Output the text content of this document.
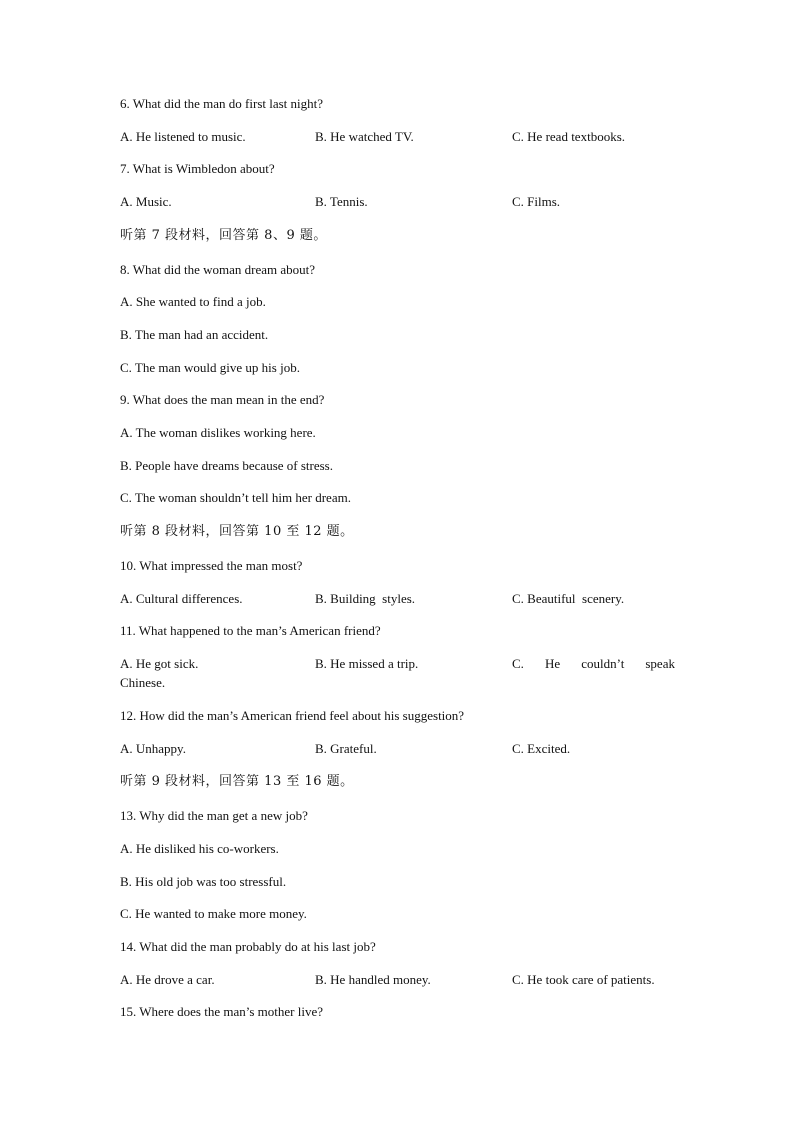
6. What did the man do first last night?
A. He listened to music.	B. He watched TV.	C. He read textbooks.
7. What is Wimbledon about?
A. Music.	B. Tennis.	C. Films.
听第 7 段材料，回答第 8、9 题。
8. What did the woman dream about?
A. She wanted to find a job.
B. The man had an accident.
C. The man would give up his job.
9. What does the man mean in the end?
A. The woman dislikes working here.
B. People have dreams because of stress.
C. The woman shouldn’t tell him her dream.
听第 8 段材料，回答第 10 至 12 题。
10. What impressed the man most?
A. Cultural differences.	B. Building  styles.	C. Beautiful  scenery.
11. What happened to the man’s American friend?
A. He got sick.	B. He missed a trip.	C. He couldn’t speak
Chinese.
12. How did the man’s American friend feel about his suggestion?
A. Unhappy.	B. Grateful.	C. Excited.
听第 9 段材料，回答第 13 至 16 题。
13. Why did the man get a new job?
A. He disliked his co-workers.
B. His old job was too stressful.
C. He wanted to make more money.
14. What did the man probably do at his last job?
A. He drove a car.	B. He handled money.	C. He took care of patients.
15. Where does the man’s mother live?
